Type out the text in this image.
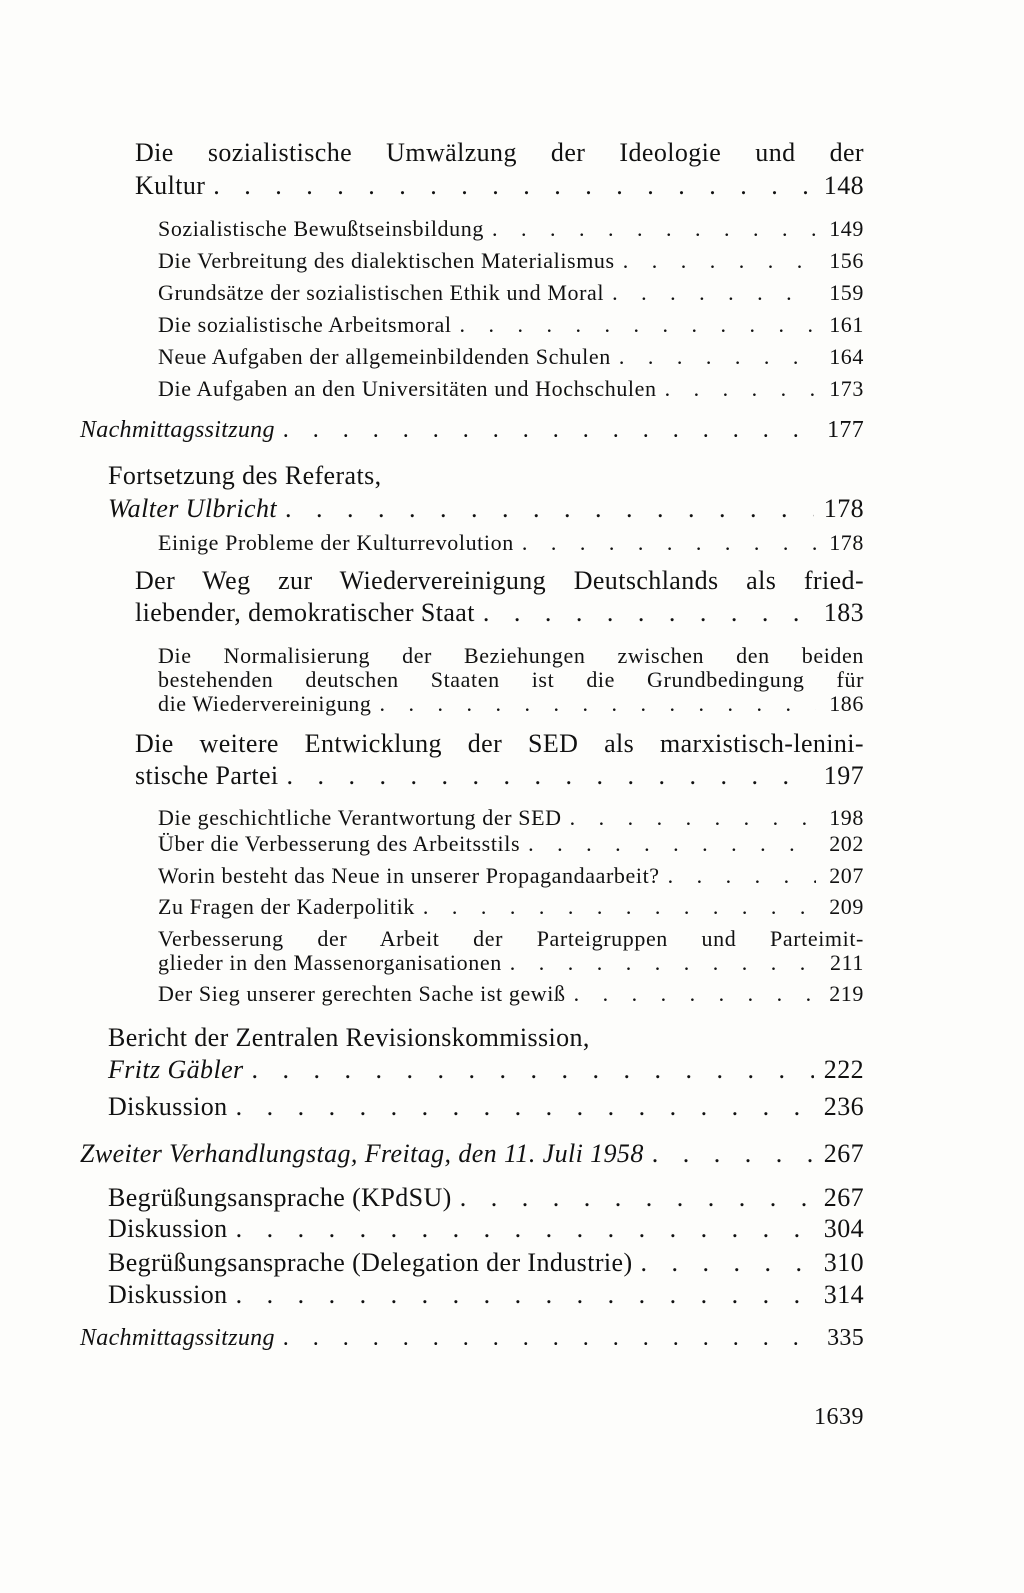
Die sozialistische Umwälzung der Ideologie und der
Kultur . . .	148
Sozialistische Bewußtseinsbildung . . .	149
Die Verbreitung des dialektischen Materialismus . . .	156
Grundsätze der sozialistischen Ethik und Moral . . .	159
Die sozialistische Arbeitsmoral . . .	161
Neue Aufgaben der allgemeinbildenden Schulen . . .	164
Die Aufgaben an den Universitäten und Hochschulen . . .	173
Nachmittagssitzung . . .	177
Fortsetzung des Referats,
Walter Ulbricht . . .	178
Einige Probleme der Kulturrevolution . . .	178
Der Weg zur Wiedervereinigung Deutschlands als fried-
liebender, demokratischer Staat . . .	183
Die Normalisierung der Beziehungen zwischen den beiden
bestehenden deutschen Staaten ist die Grundbedingung für
die Wiedervereinigung . . .	186
Die weitere Entwicklung der SED als marxistisch-lenini-
stische Partei . . .	197
Die geschichtliche Verantwortung der SED . . .	198
Über die Verbesserung des Arbeitsstils . . .	202
Worin besteht das Neue in unserer Propagandaarbeit? . . .	207
Zu Fragen der Kaderpolitik . . .	209
Verbesserung der Arbeit der Parteigruppen und Parteimit-
glieder in den Massenorganisationen . . .	211
Der Sieg unserer gerechten Sache ist gewiß . . .	219
Bericht der Zentralen Revisionskommission,
Fritz Gäbler . . .	222
Diskussion . . .	236
Zweiter Verhandlungstag, Freitag, den 11. Juli 1958 . . .	267
Begrüßungsansprache (KPdSU) . . .	267
Diskussion . . .	304
Begrüßungsansprache (Delegation der Industrie) . . .	310
Diskussion . . .	314
Nachmittagssitzung . . .	335
1639
